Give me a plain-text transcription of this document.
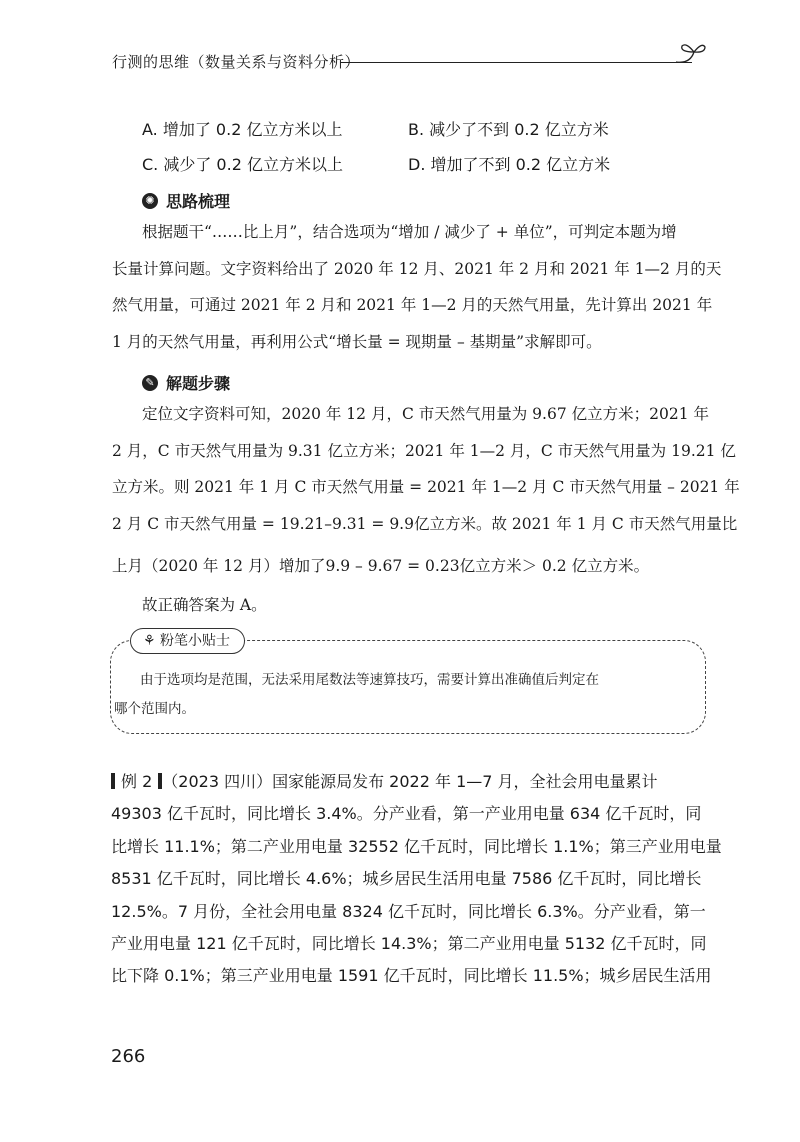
行测的思维（数量关系与资料分析）
A. 增加了 0.2 亿立方米以上	B. 减少了不到 0.2 亿立方米
C. 减少了 0.2 亿立方米以上	D. 增加了不到 0.2 亿立方米
✺ 思路梳理
根据题干“……比上月”，结合选项为“增加 / 减少了 + 单位”，可判定本题为增
长量计算问题。文字资料给出了 2020 年 12 月、2021 年 2 月和 2021 年 1—2 月的天
然气用量，可通过 2021 年 2 月和 2021 年 1—2 月的天然气用量，先计算出 2021 年
1 月的天然气用量，再利用公式“增长量 = 现期量 – 基期量”求解即可。
✎ 解题步骤
定位文字资料可知，2020 年 12 月，C 市天然气用量为 9.67 亿立方米；2021 年
2 月，C 市天然气用量为 9.31 亿立方米；2021 年 1—2 月，C 市天然气用量为 19.21 亿
立方米。则 2021 年 1 月 C 市天然气用量 = 2021 年 1—2 月 C 市天然气用量 – 2021 年
2 月 C 市天然气用量 = 19.21–9.31 = 9.9亿立方米。故 2021 年 1 月 C 市天然气用量比
上月（2020 年 12 月）增加了9.9 – 9.67 = 0.23亿立方米＞ 0.2 亿立方米。
故正确答案为 A。
⚘ 粉笔小贴士
由于选项均是范围，无法采用尾数法等速算技巧，需要计算出准确值后判定在
哪个范围内。
例 2 （2023 四川）国家能源局发布 2022 年 1—7 月，全社会用电量累计
49303 亿千瓦时，同比增长 3.4%。分产业看，第一产业用电量 634 亿千瓦时，同
比增长 11.1%；第二产业用电量 32552 亿千瓦时，同比增长 1.1%；第三产业用电量
8531 亿千瓦时，同比增长 4.6%；城乡居民生活用电量 7586 亿千瓦时，同比增长
12.5%。7 月份，全社会用电量 8324 亿千瓦时，同比增长 6.3%。分产业看，第一
产业用电量 121 亿千瓦时，同比增长 14.3%；第二产业用电量 5132 亿千瓦时，同
比下降 0.1%；第三产业用电量 1591 亿千瓦时，同比增长 11.5%；城乡居民生活用
266
